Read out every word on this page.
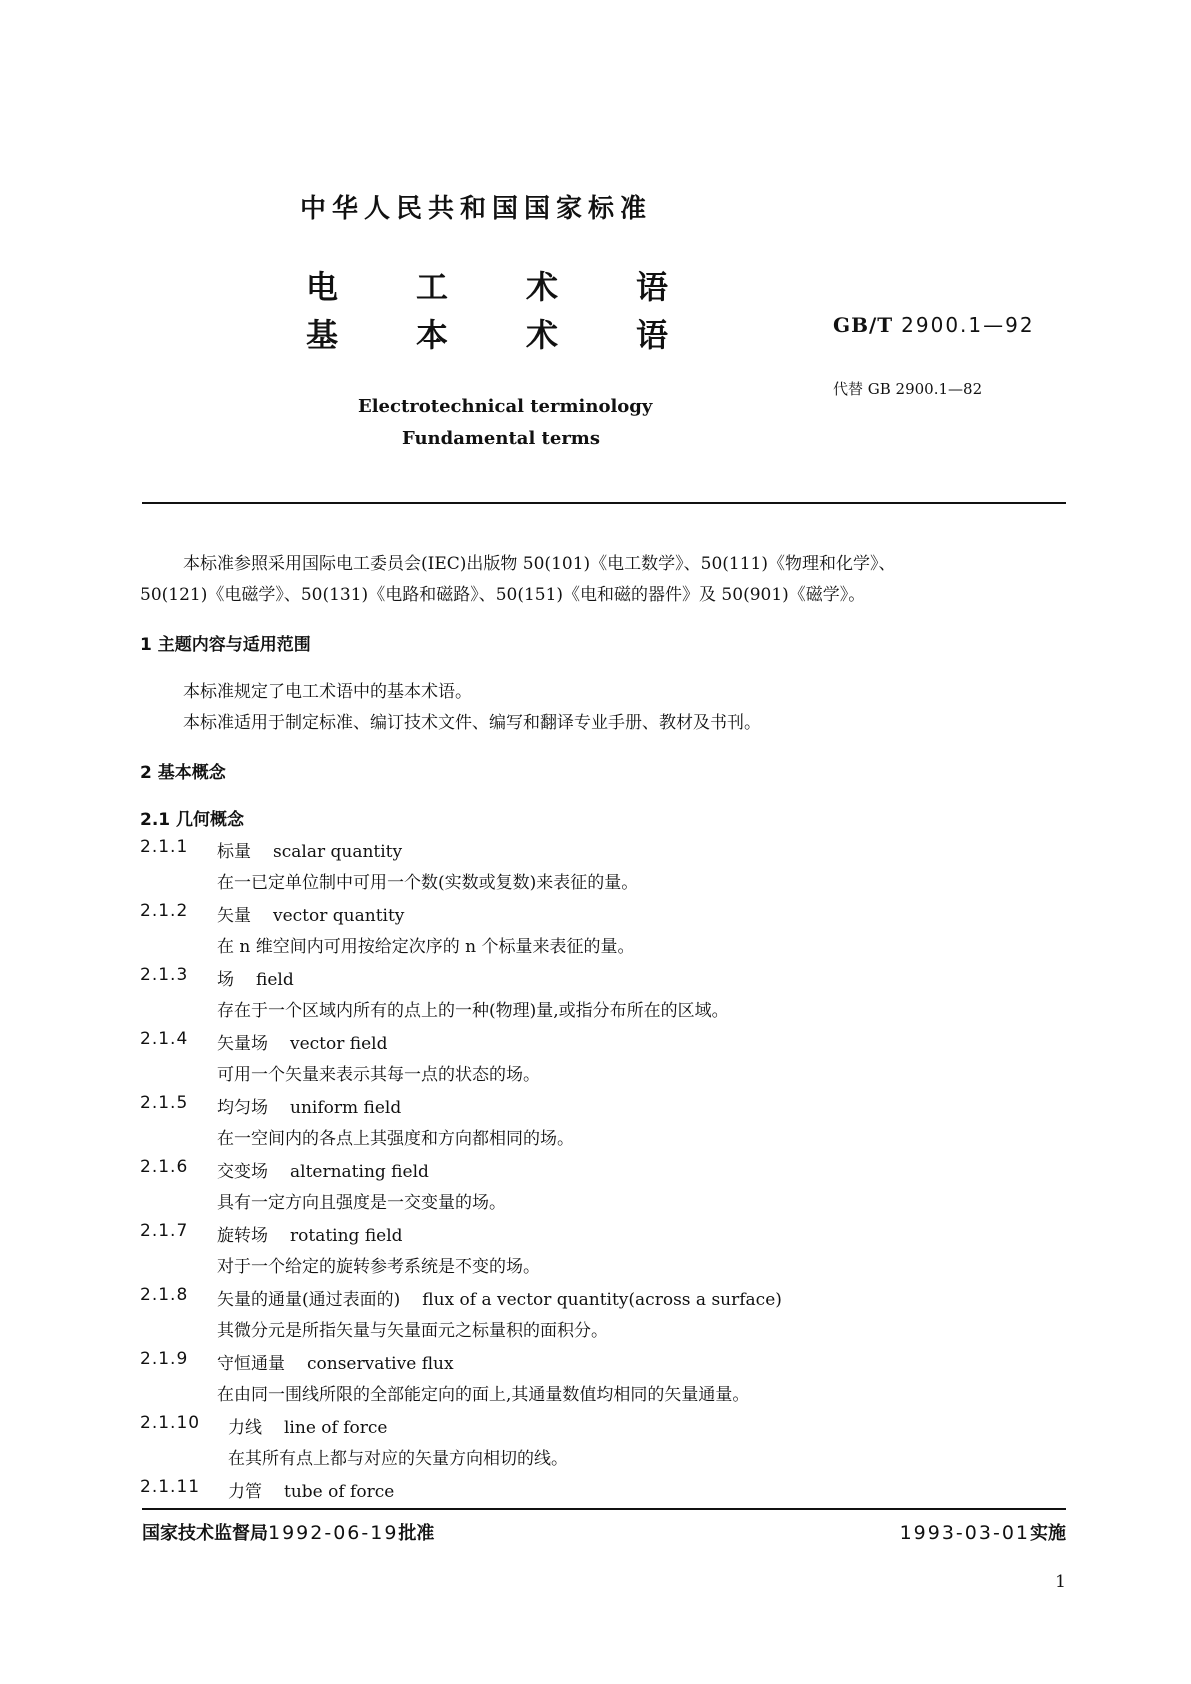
中华人民共和国国家标准
电 工 术 语
基 本 术 语	GB/T 2900.1—92
代替 GB 2900.1—82
Electrotechnical terminology
Fundamental terms
本标准参照采用国际电工委员会(IEC)出版物 50(101)《电工数学》、50(111)《物理和化学》、
50(121)《电磁学》、50(131)《电路和磁路》、50(151)《电和磁的器件》及 50(901)《磁学》。
1 主题内容与适用范围
本标准规定了电工术语中的基本术语。
本标准适用于制定标准、编订技术文件、编写和翻译专业手册、教材及书刊。
2 基本概念
2.1 几何概念
2.1.1 标量 scalar quantity
在一已定单位制中可用一个数(实数或复数)来表征的量。
2.1.2 矢量 vector quantity
在 n 维空间内可用按给定次序的 n 个标量来表征的量。
2.1.3 场 field
存在于一个区域内所有的点上的一种(物理)量,或指分布所在的区域。
2.1.4 矢量场 vector field
可用一个矢量来表示其每一点的状态的场。
2.1.5 均匀场 uniform field
在一空间内的各点上其强度和方向都相同的场。
2.1.6 交变场 alternating field
具有一定方向且强度是一交变量的场。
2.1.7 旋转场 rotating field
对于一个给定的旋转参考系统是不变的场。
2.1.8 矢量的通量(通过表面的) flux of a vector quantity(across a surface)
其微分元是所指矢量与矢量面元之标量积的面积分。
2.1.9 守恒通量 conservative flux
在由同一围线所限的全部能定向的面上,其通量数值均相同的矢量通量。
2.1.10 力线 line of force
在其所有点上都与对应的矢量方向相切的线。
2.1.11 力管 tube of force
国家技术监督局1992-06-19批准	1993-03-01实施
1
